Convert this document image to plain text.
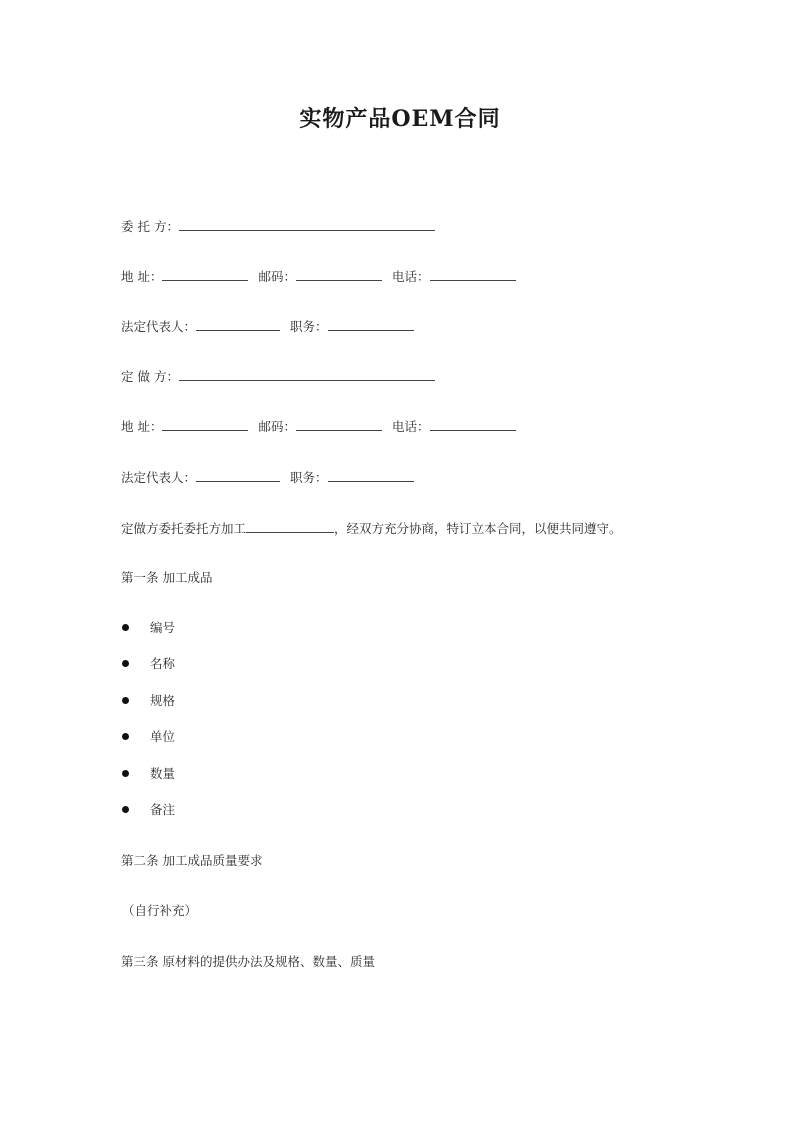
实物产品OEM合同
委 托 方：
地 址：	邮码：	电话：
法定代表人：	职务：
定 做 方：
地 址：	邮码：	电话：
法定代表人：	职务：
定做方委托委托方加工	，经双方充分协商，特订立本合同，以便共同遵守。
第一条 加工成品
编号
名称
规格
单位
数量
备注
第二条 加工成品质量要求
（自行补充）
第三条 原材料的提供办法及规格、数量、质量
